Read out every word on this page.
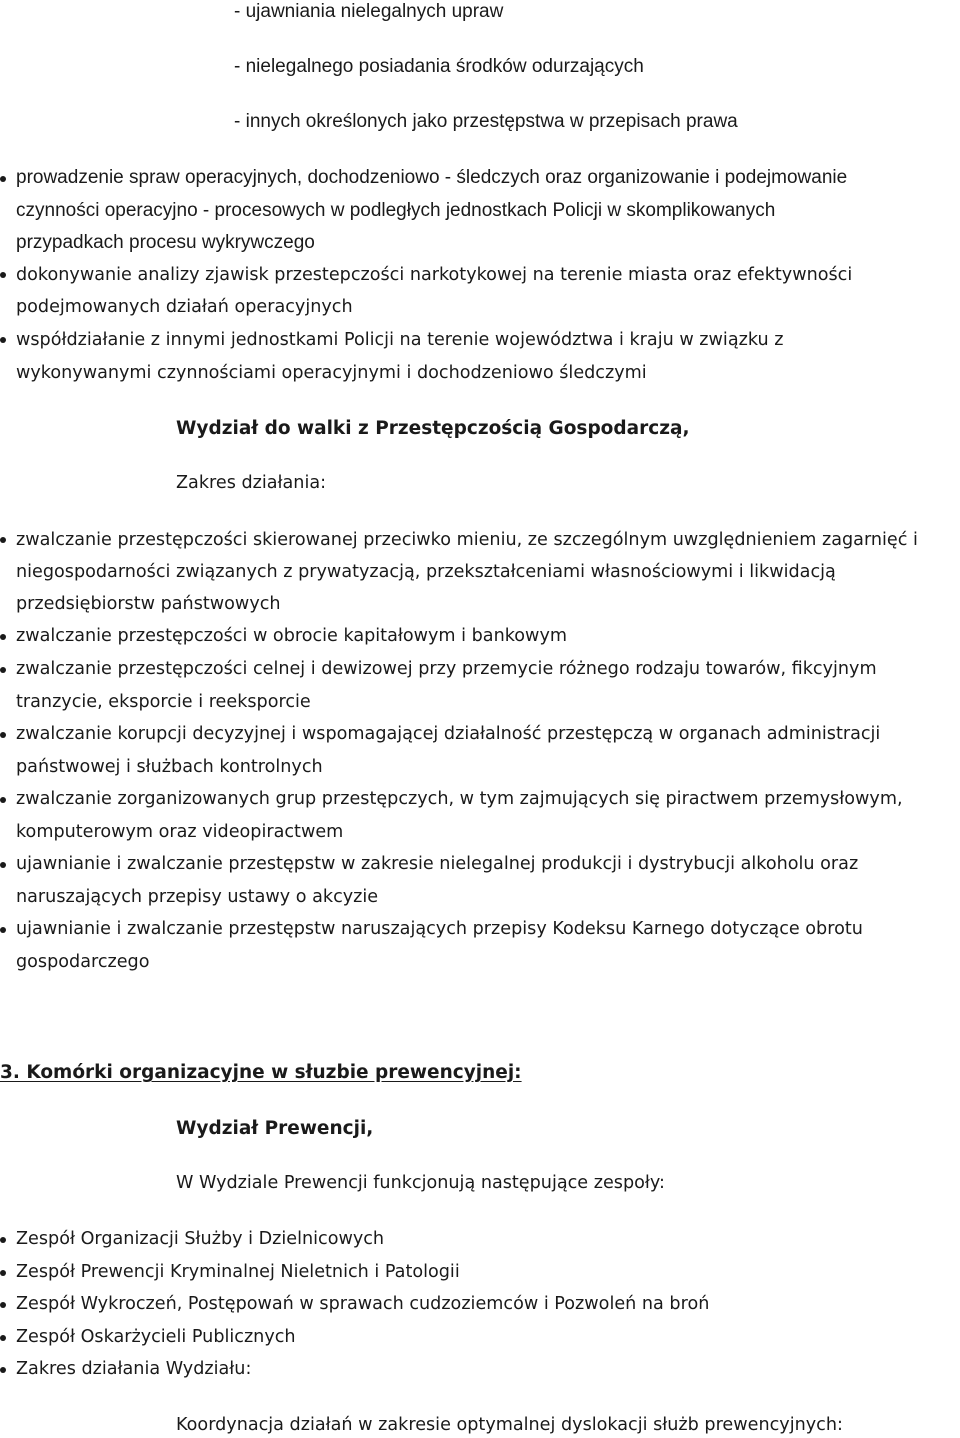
- ujawniania nielegalnych upraw
- nielegalnego posiadania środków odurzających
- innych określonych jako przestępstwa w przepisach prawa
prowadzenie spraw operacyjnych, dochodzeniowo - śledczych oraz organizowanie i podejmowanie
czynności operacyjno - procesowych w podległych jednostkach Policji w skomplikowanych
przypadkach procesu wykrywczego
dokonywanie analizy zjawisk przestepczości narkotykowej na terenie miasta oraz efektywności
podejmowanych działań operacyjnych
współdziałanie z innymi jednostkami Policji na terenie województwa i kraju w związku z
wykonywanymi czynnościami operacyjnymi i dochodzeniowo śledczymi
Wydział do walki z Przestępczością Gospodarczą,
Zakres działania:
zwalczanie przestępczości skierowanej przeciwko mieniu, ze szczególnym uwzględnieniem zagarnięć i
niegospodarności związanych z prywatyzacją, przekształceniami własnościowymi i likwidacją
przedsiębiorstw państwowych
zwalczanie przestępczości w obrocie kapitałowym i bankowym
zwalczanie przestępczości celnej i dewizowej przy przemycie różnego rodzaju towarów, fikcyjnym
tranzycie, eksporcie i reeksporcie
zwalczanie korupcji decyzyjnej i wspomagającej działalność przestępczą w organach administracji
państwowej i służbach kontrolnych
zwalczanie zorganizowanych grup przestępczych, w tym zajmujących się piractwem przemysłowym,
komputerowym oraz videopiractwem
ujawnianie i zwalczanie przestępstw w zakresie nielegalnej produkcji i dystrybucji alkoholu oraz
naruszających przepisy ustawy o akcyzie
ujawnianie i zwalczanie przestępstw naruszających przepisy Kodeksu Karnego dotyczące obrotu
gospodarczego
3. Komórki organizacyjne w słuzbie prewencyjnej:
Wydział Prewencji,
W Wydziale Prewencji funkcjonują następujące zespoły:
Zespół Organizacji Służby i Dzielnicowych
Zespół Prewencji Kryminalnej Nieletnich i Patologii
Zespół Wykroczeń, Postępowań w sprawach cudzoziemców i Pozwoleń na broń
Zespół Oskarżycieli Publicznych
Zakres działania Wydziału:
Koordynacja działań w zakresie optymalnej dyslokacji służb prewencyjnych:
